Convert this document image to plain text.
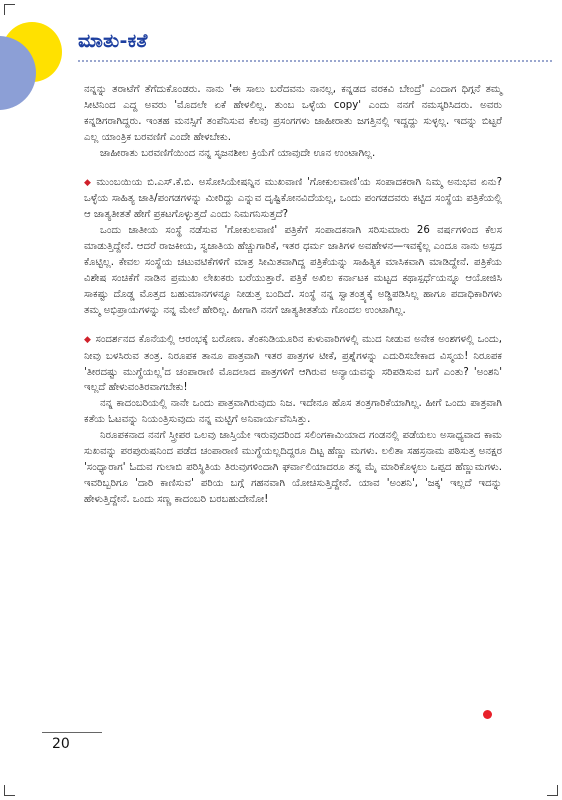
ಮಾತು-ಕತೆ

ನನ್ನನ್ನು ತರಾಟೆಗೆ ತೆಗೆದುಕೊಂಡರು. ನಾನು 'ಈ ಸಾಲು ಬರೆದವನು ನಾನಲ್ಲ, ಕನ್ನಡದ ವರಕವಿ ಬೇಂದ್ರೆ' ಎಂದಾಗ ಧಿಗ್ಗನೆ ತಮ್ಮ ಸೀಟಿನಿಂದ ಎದ್ದ ಅವರು 'ಮೊದಲೇ ಏಕೆ ಹೇಳಲಿಲ್ಲ. ತುಂಬ ಒಳ್ಳೆಯ copy' ಎಂದು ನನಗೆ ನಮಸ್ಕರಿಸಿದರು. ಅವರು ಕನ್ನಡಿಗರಾಗಿದ್ದರು. ಇಂತಹ ಮನಸ್ಸಿಗೆ ತಂಪೆನಿಸುವ ಕೆಲವು ಪ್ರಸಂಗಗಳು ಜಾಹೀರಾತು ಜಗತ್ತಿನಲ್ಲಿ ಇದ್ದದ್ದು ಸುಳ್ಳಲ್ಲ. ಇದನ್ನು ಬಿಟ್ಟರೆ ಎಲ್ಲ ಯಾಂತ್ರಿಕ ಬರವಣಿಗೆ ಎಂದೇ ಹೇಳಬೇಕು.

ಜಾಹೀರಾತು ಬರವಣಿಗೆಯಿಂದ ನನ್ನ ಸೃಜನಶೀಲ ಕ್ರಿಯೆಗೆ ಯಾವುದೇ ಊನ ಉಂಟಾಗಿಲ್ಲ.

◆ ಮುಂಬಯಿಯ ಬಿ.ಎಸ್.ಕೆ.ಬಿ. ಅಸೋಸಿಯೇಷನ್ನಿನ ಮುಖವಾಣಿ 'ಗೋಕುಲವಾಣಿ'ಯ ಸಂಪಾದಕರಾಗಿ ನಿಮ್ಮ ಅನುಭವ ಏನು? ಒಳ್ಳೆಯ ಸಾಹಿತ್ಯ ಜಾತಿ/ಪಂಗಡಗಳನ್ನು ಮೀರಿದ್ದು ಎನ್ನುವ ದೃಷ್ಟಿಕೋನವಿದೆಯಲ್ಲ, ಒಂದು ಪಂಗಡದವರು ಕಟ್ಟಿದ ಸಂಸ್ಥೆಯ ಪತ್ರಿಕೆಯಲ್ಲಿ ಆ ಜಾತ್ಯತೀತತೆ ಹೇಗೆ ಪ್ರಕಟಗೊಳ್ಳುತ್ತದೆ ಎಂದು ನಿಮಗನಿಸುತ್ತದೆ?

ಒಂದು ಜಾತೀಯ ಸಂಸ್ಥೆ ನಡೆಸುವ 'ಗೋಕುಲವಾಣಿ' ಪತ್ರಿಕೆಗೆ ಸಂಪಾದಕನಾಗಿ ಸರಿಸುಮಾರು 26 ವರ್ಷಗಳಿಂದ ಕೆಲಸ ಮಾಡುತ್ತಿದ್ದೇನೆ. ಆದರೆ ರಾಜಕೀಯ, ಸ್ವಜಾತಿಯ ಹೆಚ್ಚುಗಾರಿಕೆ, ಇತರ ಧರ್ಮ ಜಾತಿಗಳ ಅವಹೇಳನ—ಇವಕ್ಕೆಲ್ಲ ಎಂದೂ ನಾನು ಅಸ್ಪದ ಕೊಟ್ಟಿಲ್ಲ. ಕೇವಲ ಸಂಸ್ಥೆಯ ಚಟುವಟಿಕೆಗಳಿಗೆ ಮಾತ್ರ ಸೀಮಿತವಾಗಿದ್ದ ಪತ್ರಿಕೆಯನ್ನು ಸಾಹಿತ್ಯಿಕ ಮಾಸಿಕವಾಗಿ ಮಾಡಿದ್ದೇನೆ. ಪತ್ರಿಕೆಯ ವಿಶೇಷ ಸಂಚಿಕೆಗೆ ನಾಡಿನ ಪ್ರಮುಖ ಲೇಖಕರು ಬರೆಯುತ್ತಾರೆ. ಪತ್ರಿಕೆ ಅಖಿಲ ಕರ್ನಾಟಕ ಮಟ್ಟದ ಕಥಾಸ್ಪರ್ಧೆಯನ್ನೂ ಆಯೋಜಿಸಿ ಸಾಕಷ್ಟು ದೊಡ್ಡ ಮೊತ್ತದ ಬಹುಮಾನಗಳನ್ನೂ ನೀಡುತ್ತ ಬಂದಿದೆ. ಸಂಸ್ಥೆ ನನ್ನ ಸ್ವಾತಂತ್ರ್ಯಕ್ಕೆ ಅಡ್ಡಿಪಡಿಸಿಲ್ಲ ಹಾಗೂ ಪದಾಧಿಕಾರಿಗಳು ತಮ್ಮ ಅಭಿಪ್ರಾಯಗಳನ್ನು ನನ್ನ ಮೇಲೆ ಹೇರಿಲ್ಲ. ಹೀಗಾಗಿ ನನಗೆ ಜಾತ್ಯತೀತತೆಯ ಗೊಂದಲ ಉಂಟಾಗಿಲ್ಲ.

◆ ಸಂದರ್ಶನದ ಕೊನೆಯಲ್ಲಿ ಆರಂಭಕ್ಕೆ ಬರೋಣ. ತೆಂಕನಿಡಿಯೂರಿನ ಕುಳುವಾರಿಗಳಲ್ಲಿ ಮುದ ನೀಡುವ ಅನೇಕ ಅಂಶಗಳಲ್ಲಿ ಒಂದು, ನೀವು ಬಳಸಿರುವ ತಂತ್ರ. ನಿರೂಪಕ ತಾನೂ ಪಾತ್ರವಾಗಿ ಇತರ ಪಾತ್ರಗಳ ಟೀಕೆ, ಪ್ರಶ್ನೆಗಳನ್ನು ಎದುರಿಸಬೇಕಾದ ವಿಸ್ಮಯ! ನಿರೂಪಕ 'ತೀರದಷ್ಟು ಮುಗ್ಧೆಯಲ್ಲ'ದ ಚಂಪಾರಾಣಿ ಮೊದಲಾದ ಪಾತ್ರಗಳಿಗೆ ಆಗಿರುವ ಅನ್ಯಾಯವನ್ನು ಸರಿಪಡಿಸುವ ಬಗೆ ಎಂತು? 'ಅಂಶನಿ' ಇಲ್ಲದೆ ಹೇಳುವಂತಿರವಾಗಬೇಕು!

ನನ್ನ ಕಾದಂಬರಿಯಲ್ಲಿ ನಾನೇ ಒಂದು ಪಾತ್ರವಾಗಿರುವುದು ನಿಜ. ಇದೇನೂ ಹೊಸ ತಂತ್ರಗಾರಿಕೆಯಾಗಿಲ್ಲ. ಹೀಗೆ ಒಂದು ಪಾತ್ರವಾಗಿ ಕತೆಯ ಓಟವನ್ನು ನಿಯಂತ್ರಿಸುವುದು ನನ್ನ ಮಟ್ಟಿಗೆ ಅನಿವಾರ್ಯವೆನಿಸಿತ್ತು.

ನಿರೂಪಕನಾದ ನನಗೆ ಸ್ತ್ರೀಪರ ಒಲವು ಜಾಸ್ತಿಯೇ ಇರುವುದರಿಂದ ಸಲಿಂಗಕಾಮಿಯಾದ ಗಂಡನಲ್ಲಿ ಪಡೆಯಲು ಅಸಾಧ್ಯವಾದ ಕಾಮ ಸುಖವನ್ನು ಪರಪುರುಷನಿಂದ ಪಡೆದ ಚಂಪಾರಾಣಿ ಮುಗ್ಧೆಯಲ್ಲದಿದ್ದರೂ ದಿಟ್ಟ ಹೆಣ್ಣು ಮಗಳು. ಲಲಿತಾ ಸಹಸ್ರನಾಮ ಪಠಿಸುತ್ತ ಅನಕ್ಷರ 'ಸಂಧ್ಯಾರಾಗ' ಓದುವ ಗುಲಾಬಿ ಪರಿಸ್ಥಿತಿಯ ತಿರುವುಗಳಿಂದಾಗಿ ಘರ್ವಾಲಿಯಾದರೂ ತನ್ನ ಮೈ ಮಾರಿಕೊಳ್ಳಲು ಒಪ್ಪದ ಹೆಣ್ಣುಮಗಳು. ಇವರಿಬ್ಬರಿಗೂ 'ದಾರಿ ಕಾಣಿಸುವ' ಪರಿಯ ಬಗ್ಗೆ ಗಹನವಾಗಿ ಯೋಚಿಸುತ್ತಿದ್ದೇನೆ. ಯಾವ 'ಅಂಶನಿ', 'ಜಕ್ಕ' ಇಲ್ಲದೆ ಇದನ್ನು ಹೇಳುತ್ತಿದ್ದೇನೆ. ಒಂದು ಸಣ್ಣ ಕಾದಂಬರಿ ಬರಬಹುದೇನೋ!

20
